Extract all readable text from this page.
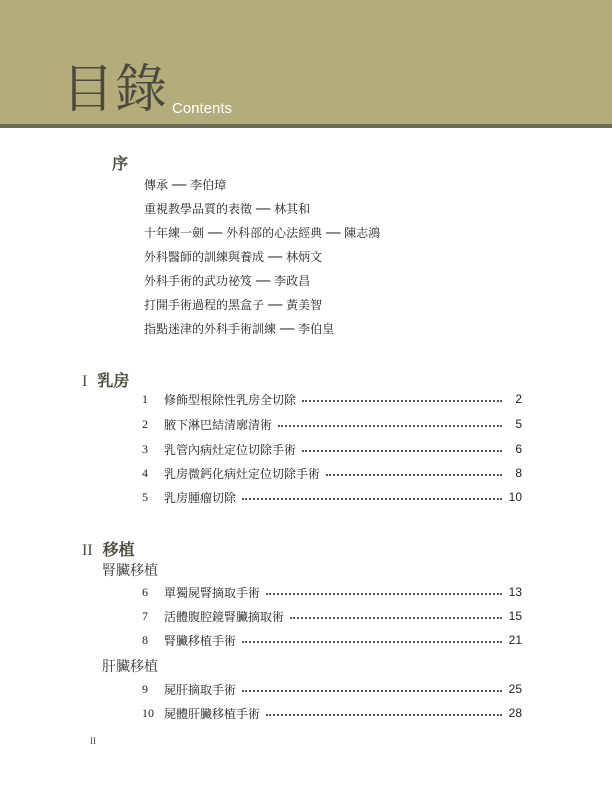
目錄 Contents
序
傳承 ── 李伯璋
重視教學品質的表徵 ── 林其和
十年練一劍 ── 外科部的心法經典 ── 陳志鴻
外科醫師的訓練與養成 ── 林炳文
外科手術的武功祕笈 ── 李政昌
打開手術過程的黑盒子 ── 黃美智
指點迷津的外科手術訓練 ── 李伯皇
I 乳房
1	修飾型根除性乳房全切除	2
2	腋下淋巴結清廓清術	5
3	乳管內病灶定位切除手術	6
4	乳房微鈣化病灶定位切除手術	8
5	乳房腫瘤切除	10
II 移植
腎臟移植
6	單獨屍腎摘取手術	13
7	活體腹腔鏡腎臟摘取術	15
8	腎臟移植手術	21
肝臟移植
9	屍肝摘取手術	25
10 屍體肝臟移植手術	28
II
